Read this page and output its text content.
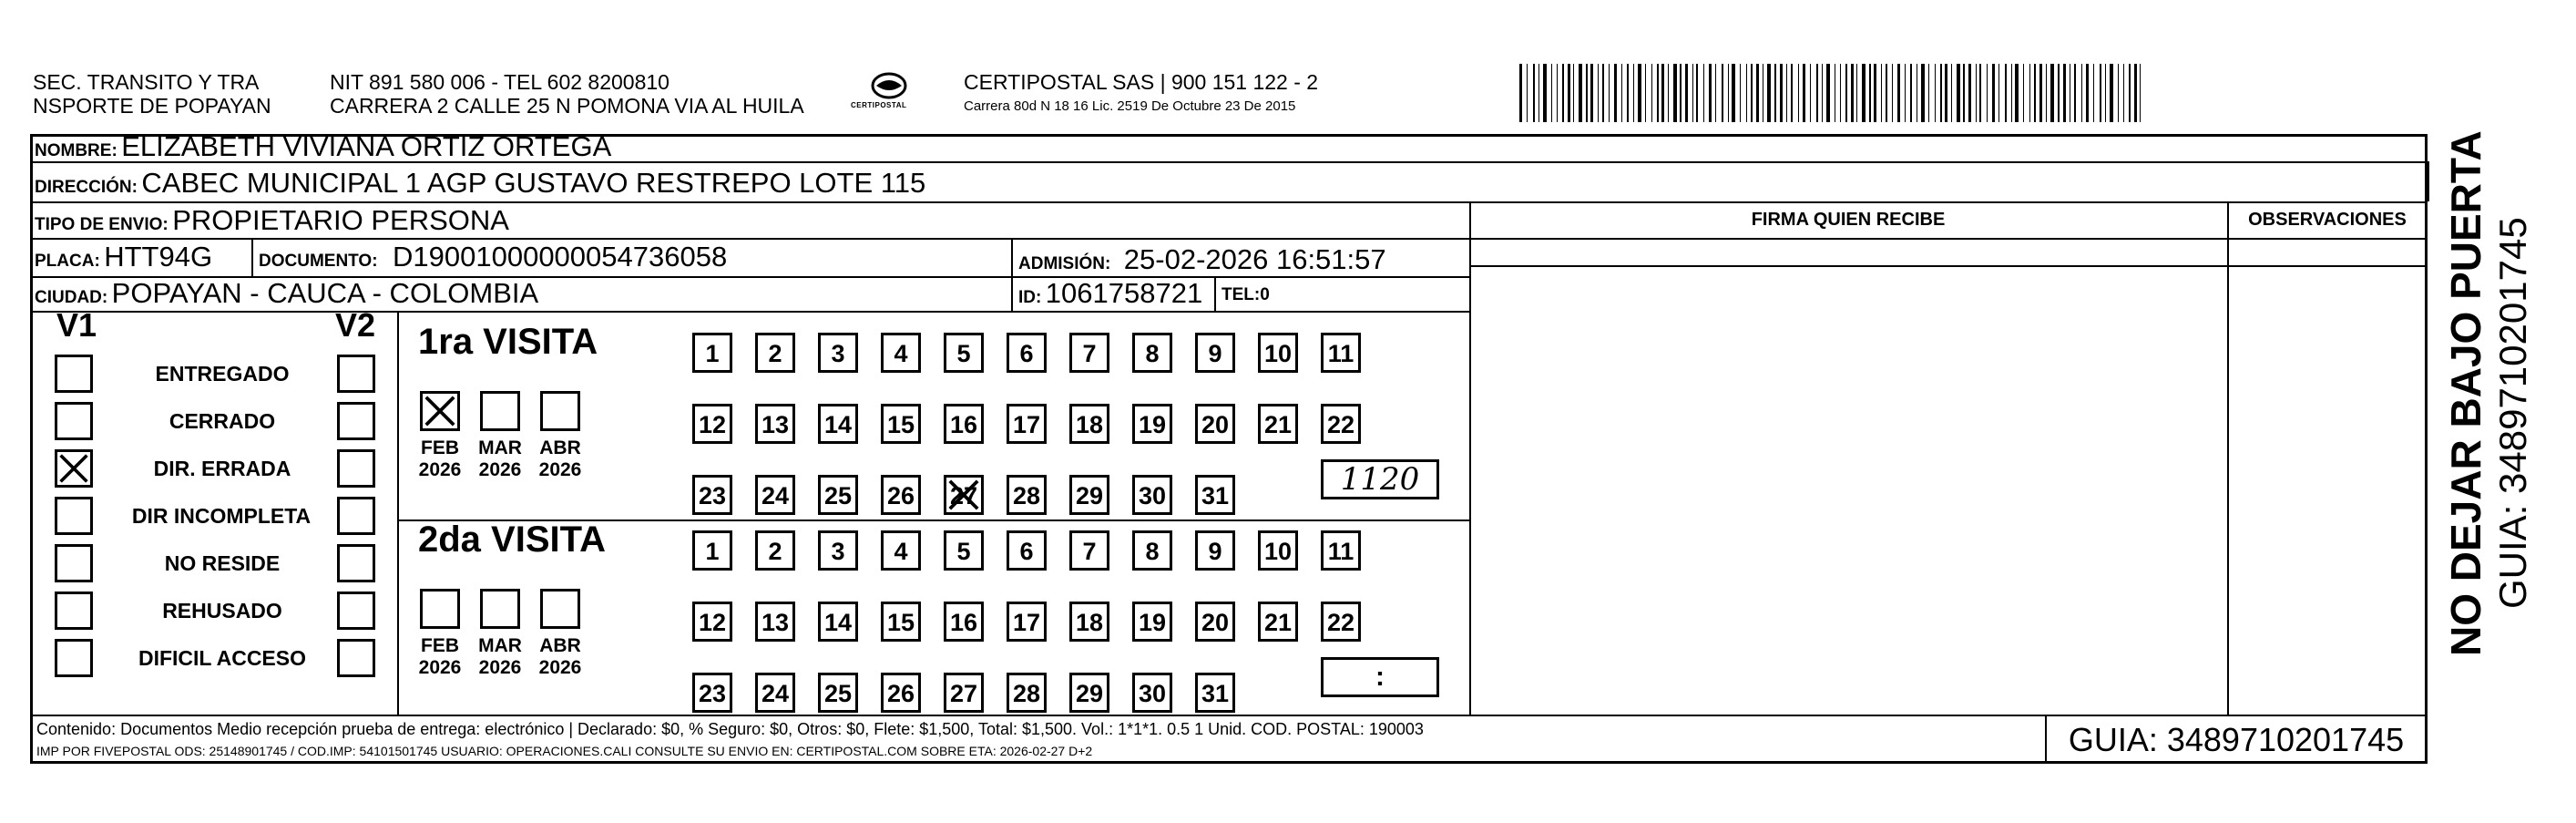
SEC. TRANSITO Y TRA
NSPORTE DE POPAYAN
NIT 891 580 006 - TEL 602 8200810
CARRERA 2 CALLE 25 N POMONA VIA AL HUILA	CERTIPOSTAL
CERTIPOSTAL SAS | 900 151 122 - 2
Carrera 80d N 18 16 Lic. 2519 De Octubre 23 De 2015
NOMBRE: ELIZABETH VIVIANA ORTIZ ORTEGA
DIRECCIÓN: CABEC MUNICIPAL 1 AGP GUSTAVO RESTREPO LOTE 115
TIPO DE ENVIO: PROPIETARIO PERSONA
PLACA: HTT94G	DOCUMENTO: D19001000000054736058	ADMISIÓN: 25-02-2026 16:51:57
CIUDAD: POPAYAN - CAUCA - COLOMBIA	ID: 1061758721 TEL:0
FIRMA QUIEN RECIBE	OBSERVACIONES
V1	V2
ENTREGADO
CERRADO
DIR. ERRADA
DIR INCOMPLETA
NO RESIDE
REHUSADO
DIFICIL ACCESO
1ra VISITA
2da VISITA
FEB
2026
MAR
2026
ABR
2026
1	2	3	4	5	6	7	8	9	10 11
12 13 14 15 16 17 18 19 20 21 22
23 24 25 26 27 28 29 30 31	1120
FEB
2026
MAR
2026
ABR
2026
1	2	3	4	5	6	7	8	9	10 11
12 13 14 15 16 17 18 19 20 21 22
23 24 25 26 27 28 29 30 31
:
Contenido: Documentos Medio recepción prueba de entrega: electrónico | Declarado: $0, % Seguro: $0, Otros: $0, Flete: $1,500, Total: $1,500. Vol.: 1*1*1. 0.5 1 Unid. COD. POSTAL: 190003
IMP POR FIVEPOSTAL ODS: 25148901745 / COD.IMP: 54101501745 USUARIO: OPERACIONES.CALI CONSULTE SU ENVIO EN: CERTIPOSTAL.COM SOBRE ETA: 2026-02-27 D+2	GUIA: 3489710201745
NO DEJAR BAJO PUERTA GUIA: 3489710201745
